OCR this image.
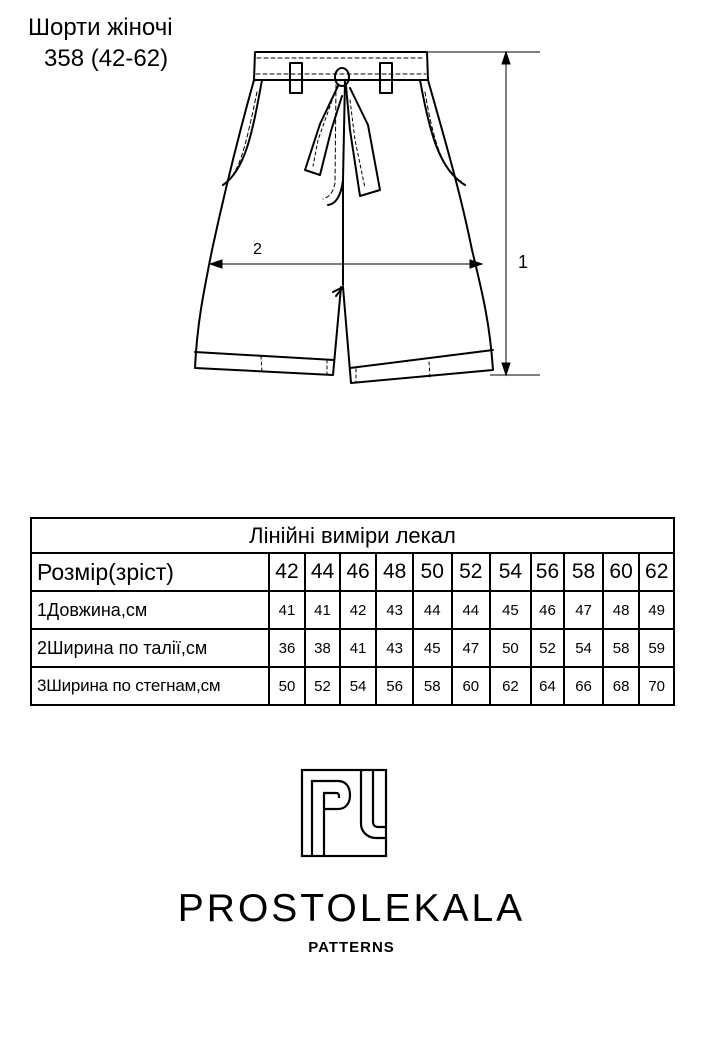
Шорти жіночі
358 (42-62)
1
2
Лінійні виміри лекал											
Розмір(зріст)	42	44	46	48	50	52	54	56	58	60	62
1Довжина,см	41	41	42	43	44	44	45	46	47	48	49
2Ширина по талії,см	36	38	41	43	45	47	50	52	54	58	59
3Ширина по стегнам,см	50	52	54	56	58	60	62	64	66	68	70
PROSTOLEKALA
PATTERNS
